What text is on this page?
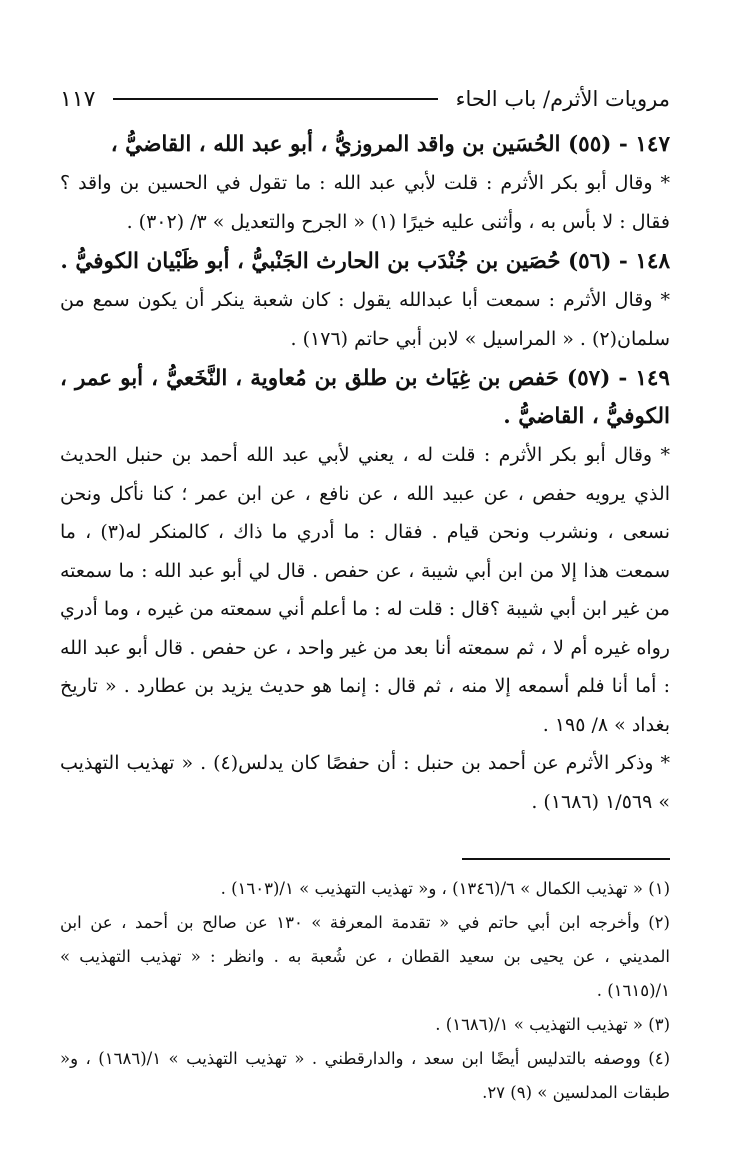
مرويات الأثرم/ باب الحاء
١١٧

١٤٧ - (٥٥) الحُسَين بن واقد المروزيُّ ، أبو عبد الله ، القاضيُّ ،

* وقال أبو بكر الأثرم : قلت لأبي عبد الله : ما تقول في الحسين بن واقد ؟ فقال : لا بأس به ، وأثنى عليه خيرًا (١) « الجرح والتعديل » ٣/ (٣٠٢) .

١٤٨ - (٥٦) حُصَين بن جُنْدَب بن الحارث الجَنْبيُّ ، أبو ظَبْيان الكوفيُّ .

* وقال الأثرم : سمعت أبا عبدالله يقول : كان شعبة ينكر أن يكون سمع من سلمان(٢) . « المراسيل » لابن أبي حاتم (١٧٦) .

١٤٩ - (٥٧) حَفص بن غِيَاث بن طلق بن مُعاوية ، النَّخَعيُّ ، أبو عمر ، الكوفيُّ ، القاضيُّ .

* وقال أبو بكر الأثرم : قلت له ، يعني لأبي عبد الله أحمد بن حنبل الحديث الذي يرويه حفص ، عن عبيد الله ، عن نافع ، عن ابن عمر ؛ كنا نأكل ونحن نسعى ، ونشرب ونحن قيام . فقال : ما أدري ما ذاك ، كالمنكر له(٣) ، ما سمعت هذا إلا من ابن أبي شيبة ، عن حفص . قال لي أبو عبد الله : ما سمعته من غير ابن أبي شيبة ؟قال : قلت له : ما أعلم أني سمعته من غيره ، وما أدري رواه غيره أم لا ، ثم سمعته أنا بعد من غير واحد ، عن حفص . قال أبو عبد الله : أما أنا فلم أسمعه إلا منه ، ثم قال : إنما هو حديث يزيد بن عطارد . « تاريخ بغداد » ٨/ ١٩٥ .

* وذكر الأثرم عن أحمد بن حنبل : أن حفصًا كان يدلس(٤) . « تهذيب التهذيب » ١/٥٦٩ (١٦٨٦) .

(١) « تهذيب الكمال » ٦/(١٣٤٦) ، و« تهذيب التهذيب » ١/(١٦٠٣) .

(٢) وأخرجه ابن أبي حاتم في « تقدمة المعرفة » ١٣٠ عن صالح بن أحمد ، عن ابن المديني ، عن يحيى بن سعيد القطان ، عن شُعبة به . وانظر : « تهذيب التهذيب » ١/(١٦١٥) .

(٣) « تهذيب التهذيب » ١/(١٦٨٦) .

(٤) ووصفه بالتدليس أيضًا ابن سعد ، والدارقطني . « تهذيب التهذيب » ١/(١٦٨٦) ، و« طبقات المدلسين » (٩) ٢٧.
